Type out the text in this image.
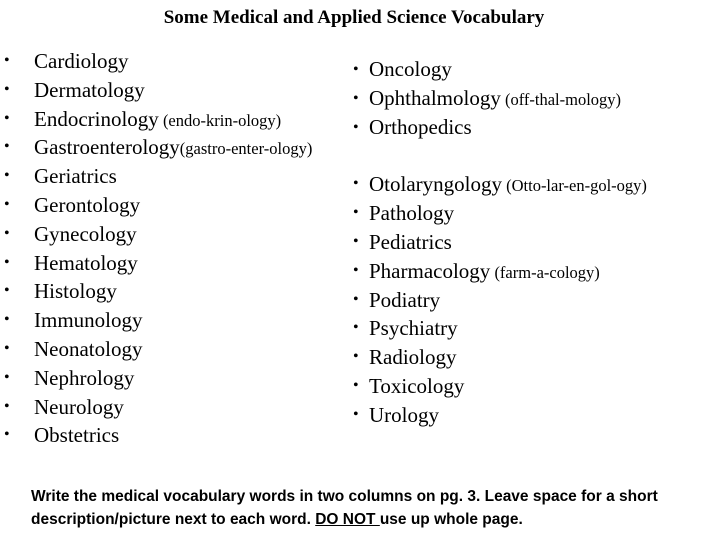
Some Medical and Applied Science Vocabulary
• Cardiology
• Dermatology
• Endocrinology (endo-krin-ology)
• Gastroenterology(gastro-enter-ology)
• Geriatrics
• Gerontology
• Gynecology
• Hematology
• Histology
• Immunology
• Neonatology
• Nephrology
• Neurology
• Obstetrics
• Oncology
• Ophthalmology (off-thal-mology)
• Orthopedics
• Otolaryngology (Otto-lar-en-gol-ogy)
• Pathology
• Pediatrics
• Pharmacology (farm-a-cology)
• Podiatry
• Psychiatry
• Radiology
• Toxicology
• Urology
Write the medical vocabulary words in two columns on pg. 3. Leave space for a short description/picture next to each word. DO NOT use up whole page.
